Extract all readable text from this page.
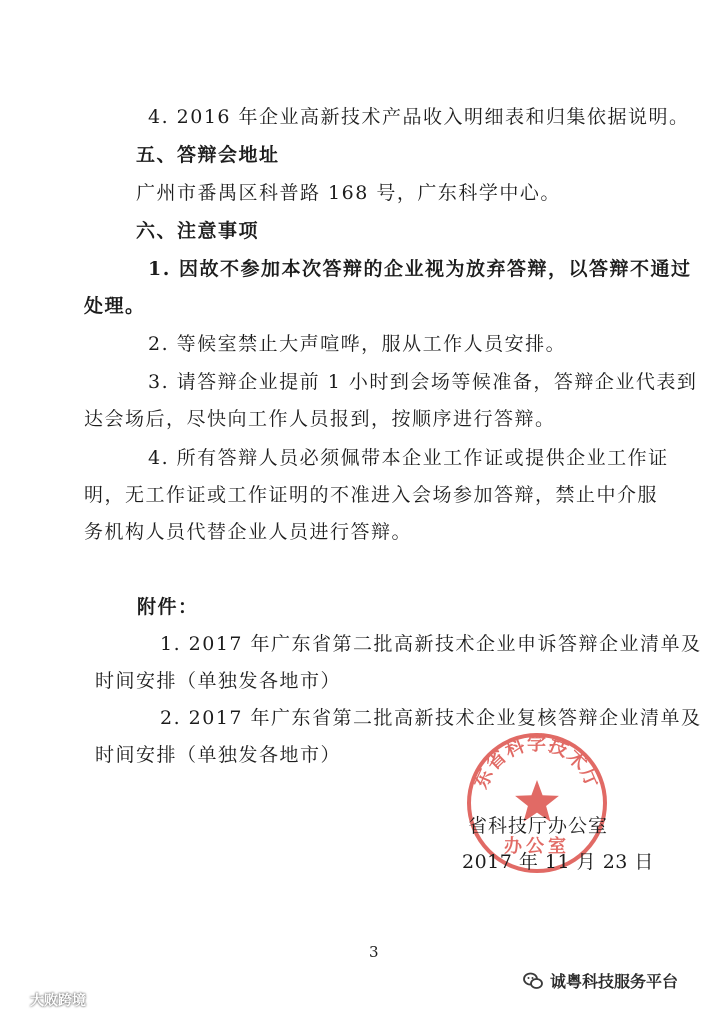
4. 2016 年企业高新技术产品收入明细表和归集依据说明。
五、答辩会地址
广州市番禺区科普路 168 号，广东科学中心。
六、注意事项
1. 因故不参加本次答辩的企业视为放弃答辩，以答辩不通过
处理。
2. 等候室禁止大声喧哗，服从工作人员安排。
3. 请答辩企业提前 1 小时到会场等候准备，答辩企业代表到
达会场后，尽快向工作人员报到，按顺序进行答辩。
4. 所有答辩人员必须佩带本企业工作证或提供企业工作证
明，无工作证或工作证明的不准进入会场参加答辩，禁止中介服
务机构人员代替企业人员进行答辩。
附件：
1. 2017 年广东省第二批高新技术企业申诉答辩企业清单及
时间安排（单独发各地市）
2. 2017 年广东省第二批高新技术企业复核答辩企业清单及
时间安排（单独发各地市）
东省科学技术厅
办公室
省科技厅办公室
2017 年 11 月 23 日
3
大败跨境
诚粤科技服务平台
